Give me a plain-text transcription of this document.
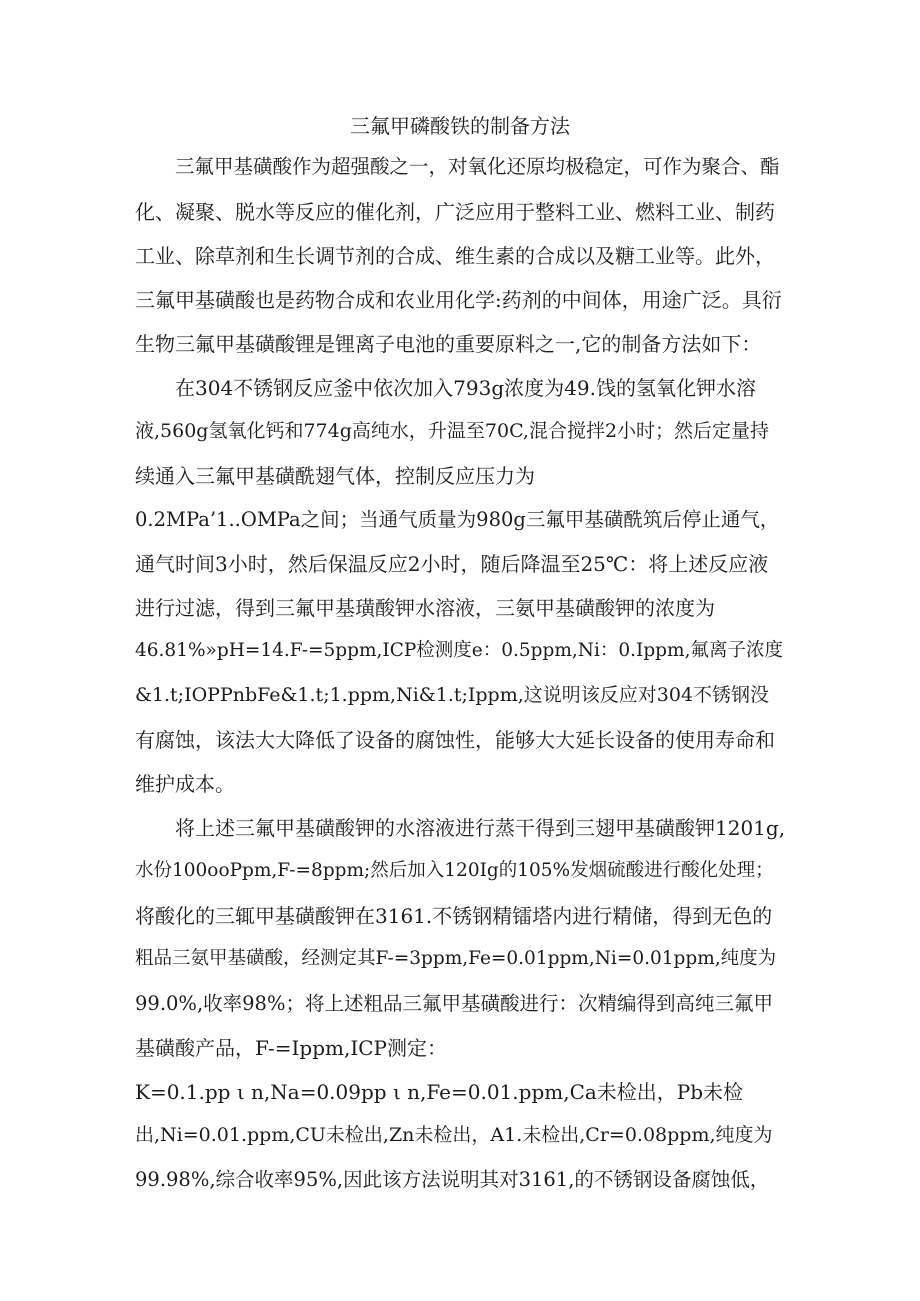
三氟甲磷酸铁的制备方法
三氟甲基磺酸作为超强酸之一，对氧化还原均极稳定，可作为聚合、酯
化、凝聚、脱水等反应的催化剂，广泛应用于整料工业、燃料工业、制药
工业、除草剂和生长调节剂的合成、维生素的合成以及糖工业等。此外，
三氟甲基磺酸也是药物合成和农业用化学:药剂的中间体，用途广泛。具衍
生物三氟甲基磺酸锂是锂离子电池的重要原料之一,它的制备方法如下：
在304不锈钢反应釜中依次加入793g浓度为49.饯的氢氧化钾水溶
液,560g氢氧化钙和774g高纯水，升温至70C,混合搅拌2小时；然后定量持
续通入三氟甲基磺酰翅气体，控制反应压力为
0.2MPa’1..OMPa之间；当通气质量为980g三氟甲基磺酰筑后停止通气，
通气时间3小时，然后保温反应2小时，随后降温至25℃：将上述反应液
进行过滤，得到三氟甲基璜酸钾水溶液，三氨甲基磺酸钾的浓度为
46.81%»pH=14.F-=5ppm,ICP检测度e：0.5ppm,Ni：0.Ippm,氟离子浓度
&1.t;IOPPnbFe&1.t;1.ppm,Ni&1.t;Ippm,这说明该反应对304不锈钢没
有腐蚀，该法大大降低了设备的腐蚀性，能够大大延长设备的使用寿命和
维护成本。
将上述三氟甲基磺酸钾的水溶液进行蒸干得到三翅甲基磺酸钾1201g,
水份100ooPpm,F-=8ppm;然后加入120Ig的105%发烟硫酸进行酸化处理；
将酸化的三辄甲基磺酸钾在3161.不锈钢精镭塔内进行精储，得到无色的
粗品三氨甲基磺酸，经测定其F-=3ppm,Fe=0.01ppm,Ni=0.01ppm,纯度为
99.0%,收率98%；将上述粗品三氟甲基磺酸进行：次精编得到高纯三氟甲
基磺酸产品，F-=Ippm,ICP测定：
K=0.1.pp ι n,Na=0.09pp ι n,Fe=0.01.ppm,Ca未检出，Pb未检
出,Ni=0.01.ppm,CU未检出,Zn未检出，A1.未检出,Cr=0.08ppm,纯度为
99.98%,综合收率95%,因此该方法说明其对3161,的不锈钢设备腐蚀低，
